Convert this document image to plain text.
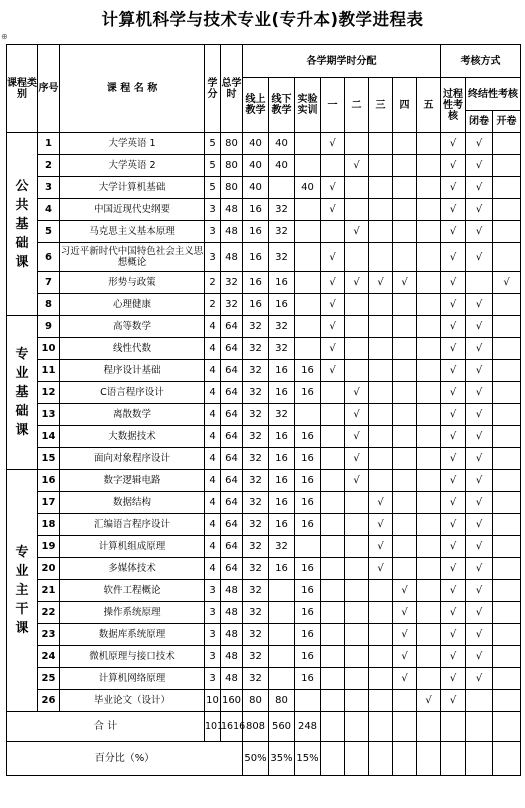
计算机科学与技术专业(专升本)教学进程表
⊕
课程类别	序号	课 程 名 称	学分	总学时	各学期学时分配								考核方式		
					线上教学	线下教学	实验实训	一	二	三	四	五	过程性考核	终结性考核	
														闭卷	开卷
公共基础课	1	大学英语 1	5	80	40	40		√					√	√	
	2	大学英语 2	5	80	40	40			√				√	√	
	3	大学计算机基础	5	80	40		40	√					√	√	
	4	中国近现代史纲要	3	48	16	32		√					√	√	
	5	马克思主义基本原理	3	48	16	32			√				√	√	
	6	习近平新时代中国特色社会主义思想概论	3	48	16	32		√					√	√	
	7	形势与政策	2	32	16	16		√	√	√	√		√		√
	8	心理健康	2	32	16	16		√					√	√	
专业基础课	9	高等数学	4	64	32	32		√					√	√	
	10	线性代数	4	64	32	32		√					√	√	
	11	程序设计基础	4	64	32	16	16	√					√	√	
	12	C语言程序设计	4	64	32	16	16		√				√	√	
	13	离散数学	4	64	32	32			√				√	√	
	14	大数据技术	4	64	32	16	16		√				√	√	
	15	面向对象程序设计	4	64	32	16	16		√				√	√	
专业主干课	16	数字逻辑电路	4	64	32	16	16		√				√	√	
	17	数据结构	4	64	32	16	16			√			√	√	
	18	汇编语言程序设计	4	64	32	16	16			√			√	√	
	19	计算机组成原理	4	64	32	32				√			√	√	
	20	多媒体技术	4	64	32	16	16			√			√	√	
	21	软件工程概论	3	48	32		16				√		√	√	
	22	操作系统原理	3	48	32		16				√		√	√	
	23	数据库系统原理	3	48	32		16				√		√	√	
	24	微机原理与接口技术	3	48	32		16				√		√	√	
	25	计算机网络原理	3	48	32		16				√		√	√	
	26	毕业论文（设计）	10	160	80	80						√	√		
合 计			101	1616	808	560	248								
百分比（%）					50%	35%	15%								
